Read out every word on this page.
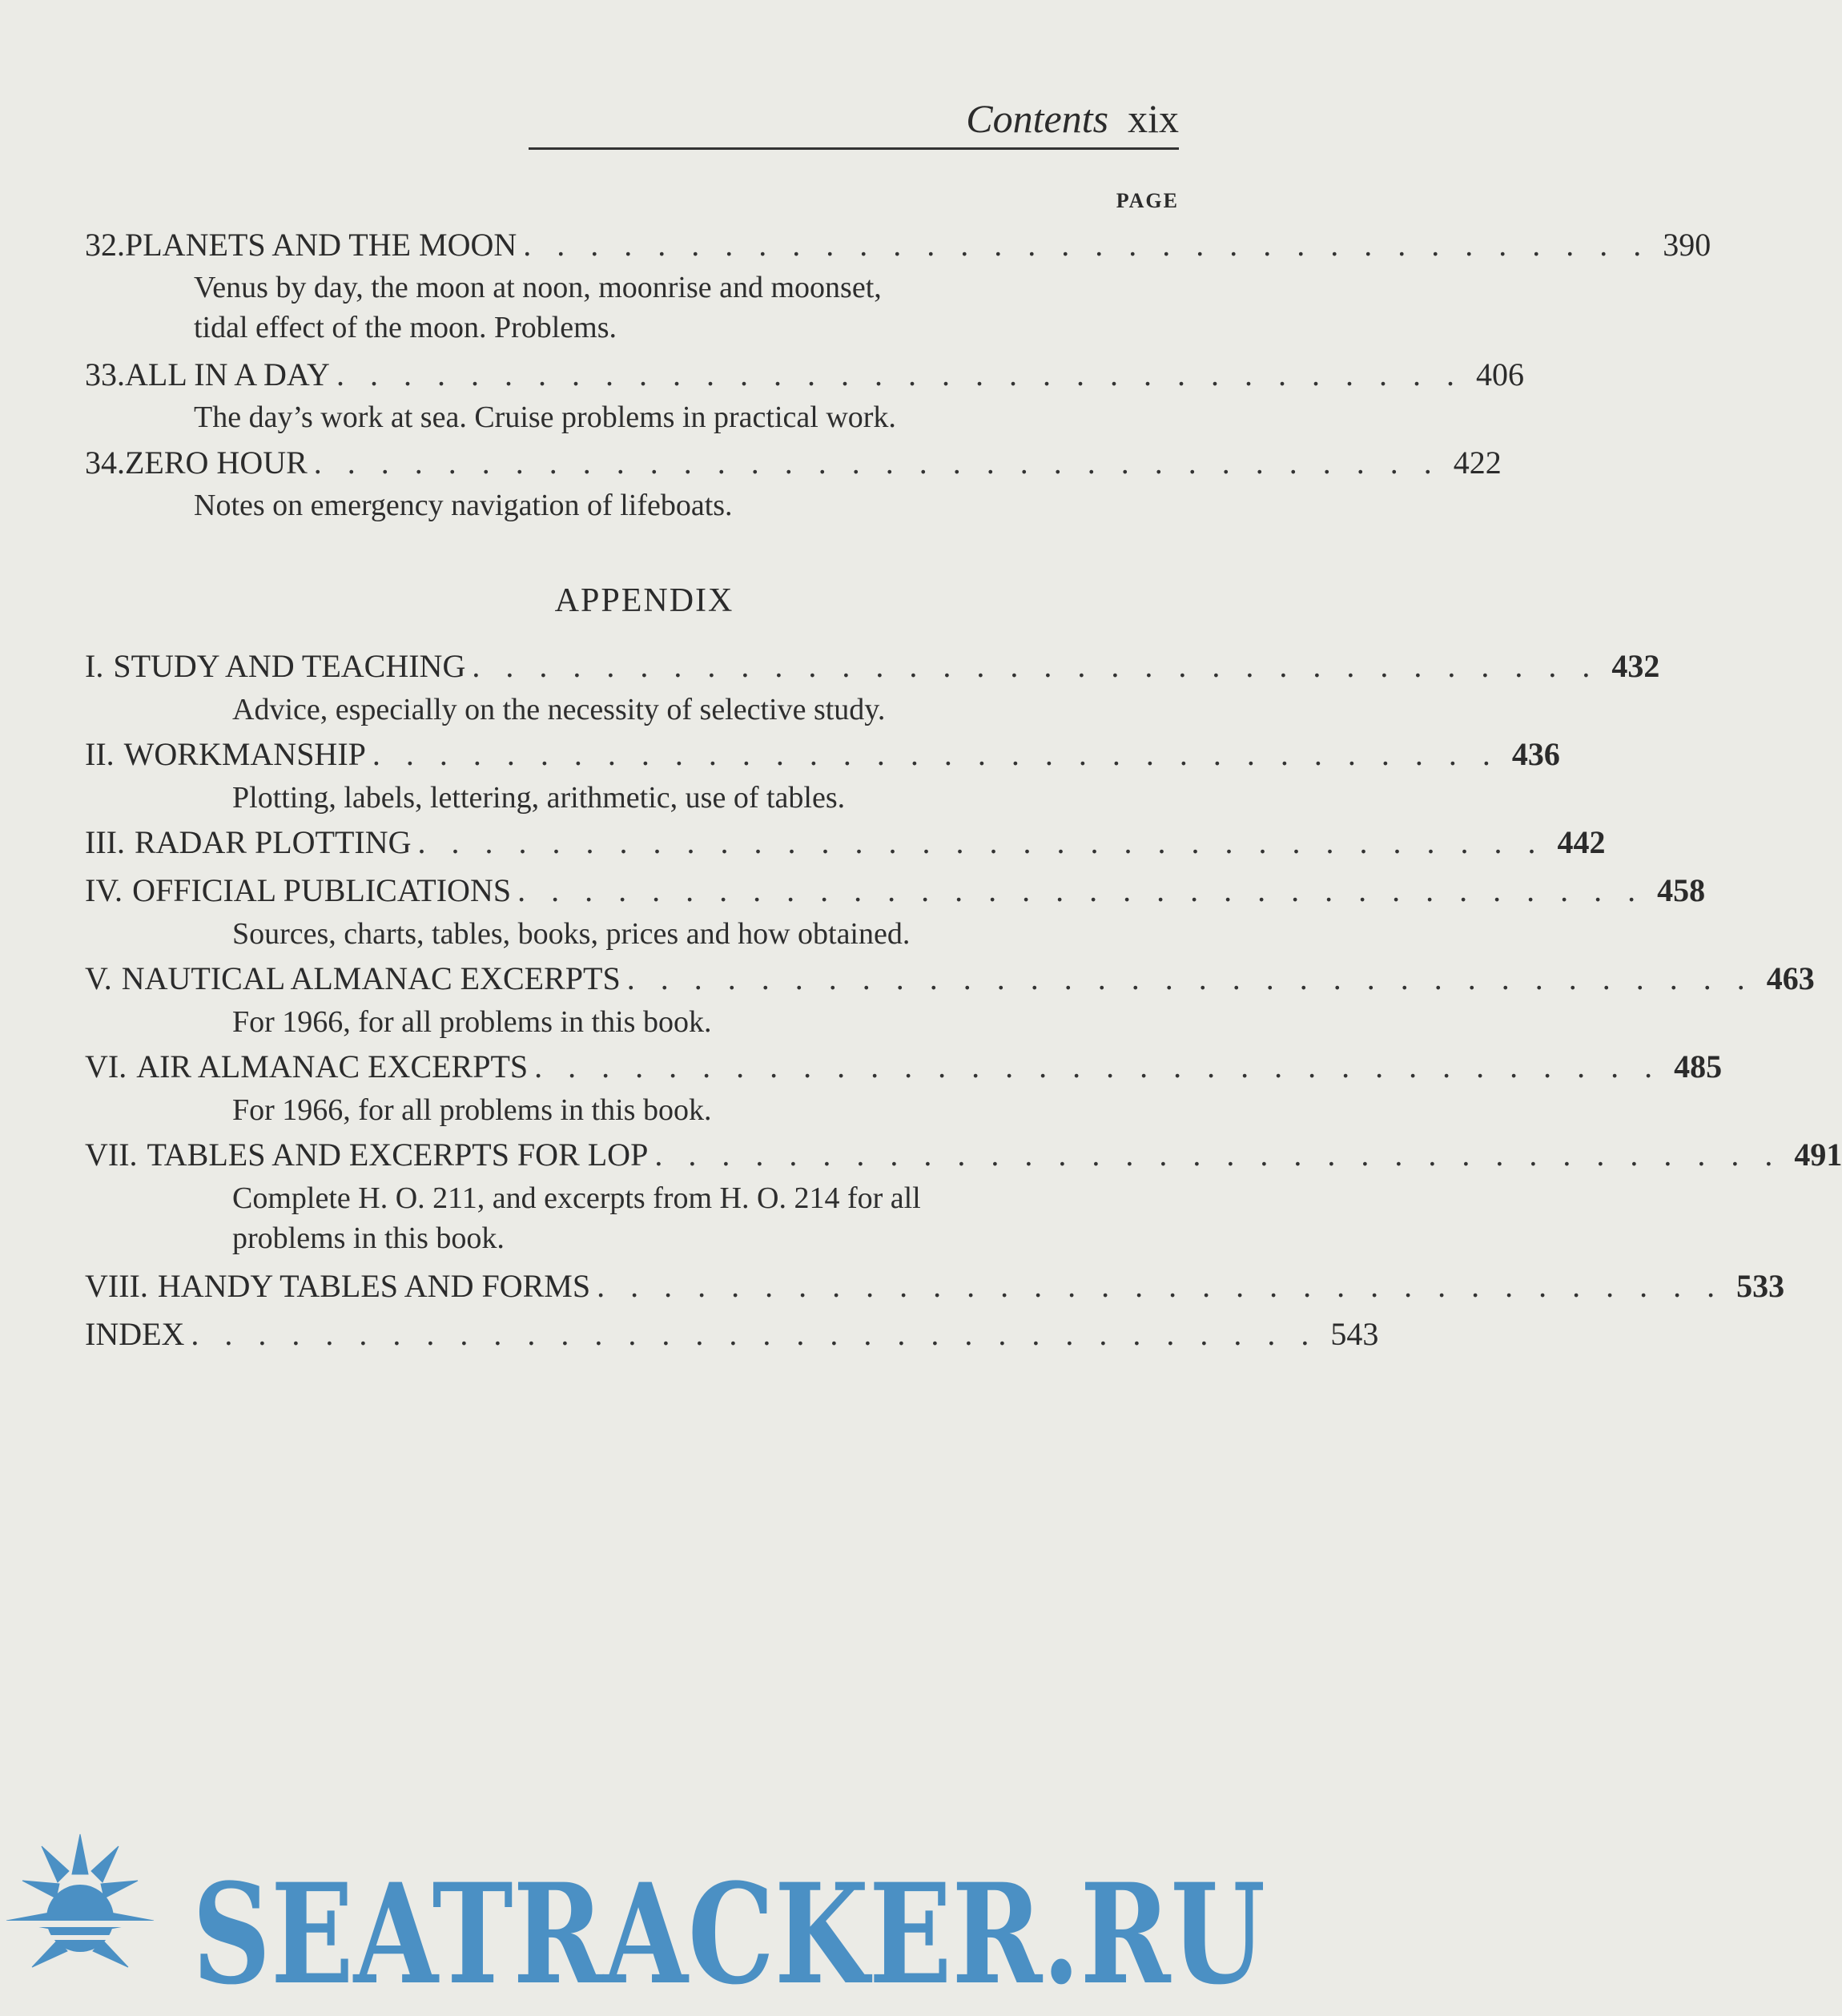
Contents xix
PAGE
32. PLANETS AND THE MOON . . . . . . . . . . . . . . . . . . . . . . . . . . . . . . . . . . 390
Venus by day, the moon at noon, moonrise and moonset,
tidal effect of the moon. Problems.
33. ALL IN A DAY . . . . . . . . . . . . . . . . . . . . . . . . . . . . . . . . . . 406
The day’s work at sea. Cruise problems in practical work.
34. ZERO HOUR . . . . . . . . . . . . . . . . . . . . . . . . . . . . . . . . . . 422
Notes on emergency navigation of lifeboats.
APPENDIX
I. STUDY AND TEACHING . . . . . . . . . . . . . . . . . . . . . . . . . . . . . . . . . . 432
Advice, especially on the necessity of selective study.
II. WORKMANSHIP . . . . . . . . . . . . . . . . . . . . . . . . . . . . . . . . . . 436
Plotting, labels, lettering, arithmetic, use of tables.
III. RADAR PLOTTING . . . . . . . . . . . . . . . . . . . . . . . . . . . . . . . . . . 442
IV. OFFICIAL PUBLICATIONS . . . . . . . . . . . . . . . . . . . . . . . . . . . . . . . . . . 458
Sources, charts, tables, books, prices and how obtained.
V. NAUTICAL ALMANAC EXCERPTS . . . . . . . . . . . . . . . . . . . . . . . . . . . . . . . . . . 463
For 1966, for all problems in this book.
VI. AIR ALMANAC EXCERPTS . . . . . . . . . . . . . . . . . . . . . . . . . . . . . . . . . . 485
For 1966, for all problems in this book.
VII. TABLES AND EXCERPTS FOR LOP . . . . . . . . . . . . . . . . . . . . . . . . . . . . . . . . . . 491
Complete H. O. 211, and excerpts from H. O. 214 for all
problems in this book.
VIII. HANDY TABLES AND FORMS . . . . . . . . . . . . . . . . . . . . . . . . . . . . . . . . . . 533
INDEX . . . . . . . . . . . . . . . . . . . . . . . . . . . . . . . . . . 543
SEATRACKER.RU
